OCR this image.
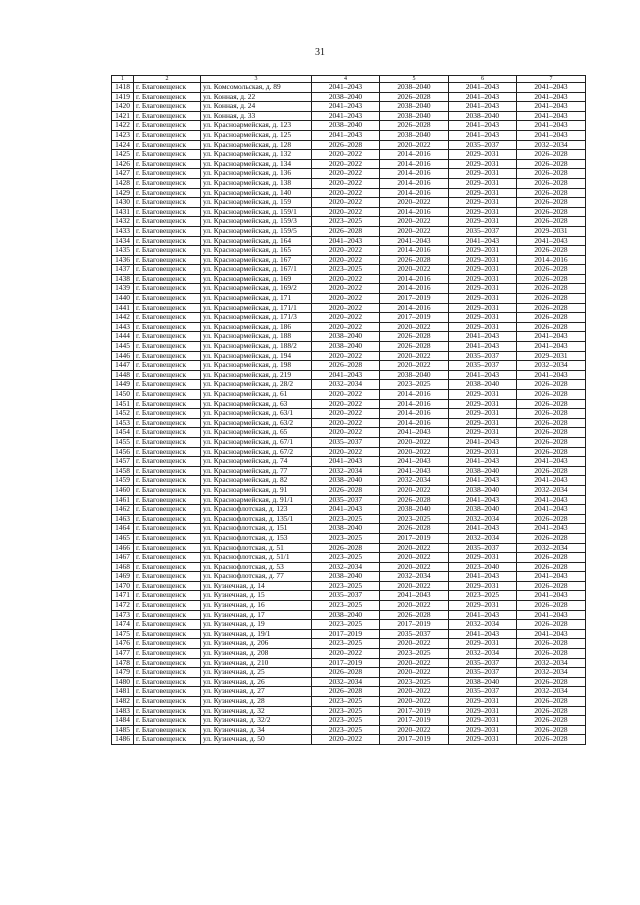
31
1	2	3	4	5	6	7
1418	г. Благовещенск	ул. Комсомольская, д. 89	2041–2043	2038–2040	2041–2043	2041–2043
1419	г. Благовещенск	ул. Конная, д. 22	2038–2040	2026–2028	2041–2043	2041–2043
1420	г. Благовещенск	ул. Конная, д. 24	2041–2043	2038–2040	2041–2043	2041–2043
1421	г. Благовещенск	ул. Конная, д. 33	2041–2043	2038–2040	2038–2040	2041–2043
1422	г. Благовещенск	ул. Красноармейская, д. 123	2038–2040	2026–2028	2041–2043	2041–2043
1423	г. Благовещенск	ул. Красноармейская, д. 125	2041–2043	2038–2040	2041–2043	2041–2043
1424	г. Благовещенск	ул. Красноармейская, д. 128	2026–2028	2020–2022	2035–2037	2032–2034
1425	г. Благовещенск	ул. Красноармейская, д. 132	2020–2022	2014–2016	2029–2031	2026–2028
1426	г. Благовещенск	ул. Красноармейская, д. 134	2020–2022	2014–2016	2029–2031	2026–2028
1427	г. Благовещенск	ул. Красноармейская, д. 136	2020–2022	2014–2016	2029–2031	2026–2028
1428	г. Благовещенск	ул. Красноармейская, д. 138	2020–2022	2014–2016	2029–2031	2026–2028
1429	г. Благовещенск	ул. Красноармейская, д. 140	2020–2022	2014–2016	2029–2031	2026–2028
1430	г. Благовещенск	ул. Красноармейская, д. 159	2020–2022	2020–2022	2029–2031	2026–2028
1431	г. Благовещенск	ул. Красноармейская, д. 159/1	2020–2022	2014–2016	2029–2031	2026–2028
1432	г. Благовещенск	ул. Красноармейская, д. 159/3	2023–2025	2020–2022	2029–2031	2026–2028
1433	г. Благовещенск	ул. Красноармейская, д. 159/5	2026–2028	2020–2022	2035–2037	2029–2031
1434	г. Благовещенск	ул. Красноармейская, д. 164	2041–2043	2041–2043	2041–2043	2041–2043
1435	г. Благовещенск	ул. Красноармейская, д. 165	2020–2022	2014–2016	2029–2031	2026–2028
1436	г. Благовещенск	ул. Красноармейская, д. 167	2020–2022	2026–2028	2029–2031	2014–2016
1437	г. Благовещенск	ул. Красноармейская, д. 167/1	2023–2025	2020–2022	2029–2031	2026–2028
1438	г. Благовещенск	ул. Красноармейская, д. 169	2020–2022	2014–2016	2029–2031	2026–2028
1439	г. Благовещенск	ул. Красноармейская, д. 169/2	2020–2022	2014–2016	2029–2031	2026–2028
1440	г. Благовещенск	ул. Красноармейская, д. 171	2020–2022	2017–2019	2029–2031	2026–2028
1441	г. Благовещенск	ул. Красноармейская, д. 171/1	2020–2022	2014–2016	2029–2031	2026–2028
1442	г. Благовещенск	ул. Красноармейская, д. 171/3	2020–2022	2017–2019	2029–2031	2026–2028
1443	г. Благовещенск	ул. Красноармейская, д. 186	2020–2022	2020–2022	2029–2031	2026–2028
1444	г. Благовещенск	ул. Красноармейская, д. 188	2038–2040	2026–2028	2041–2043	2041–2043
1445	г. Благовещенск	ул. Красноармейская, д. 188/2	2038–2040	2026–2028	2041–2043	2041–2043
1446	г. Благовещенск	ул. Красноармейская, д. 194	2020–2022	2020–2022	2035–2037	2029–2031
1447	г. Благовещенск	ул. Красноармейская, д. 198	2026–2028	2020–2022	2035–2037	2032–2034
1448	г. Благовещенск	ул. Красноармейская, д. 219	2041–2043	2038–2040	2041–2043	2041–2043
1449	г. Благовещенск	ул. Красноармейская, д. 28/2	2032–2034	2023–2025	2038–2040	2026–2028
1450	г. Благовещенск	ул. Красноармейская, д. 61	2020–2022	2014–2016	2029–2031	2026–2028
1451	г. Благовещенск	ул. Красноармейская, д. 63	2020–2022	2014–2016	2029–2031	2026–2028
1452	г. Благовещенск	ул. Красноармейская, д. 63/1	2020–2022	2014–2016	2029–2031	2026–2028
1453	г. Благовещенск	ул. Красноармейская, д. 63/2	2020–2022	2014–2016	2029–2031	2026–2028
1454	г. Благовещенск	ул. Красноармейская, д. 65	2020–2022	2041–2043	2029–2031	2026–2028
1455	г. Благовещенск	ул. Красноармейская, д. 67/1	2035–2037	2020–2022	2041–2043	2026–2028
1456	г. Благовещенск	ул. Красноармейская, д. 67/2	2020–2022	2020–2022	2029–2031	2026–2028
1457	г. Благовещенск	ул. Красноармейская, д. 74	2041–2043	2041–2043	2041–2043	2041–2043
1458	г. Благовещенск	ул. Красноармейская, д. 77	2032–2034	2041–2043	2038–2040	2026–2028
1459	г. Благовещенск	ул. Красноармейская, д. 82	2038–2040	2032–2034	2041–2043	2041–2043
1460	г. Благовещенск	ул. Красноармейская, д. 91	2026–2028	2020–2022	2038–2040	2032–2034
1461	г. Благовещенск	ул. Красноармейская, д. 91/1	2035–2037	2026–2028	2041–2043	2041–2043
1462	г. Благовещенск	ул. Краснофлотская, д. 123	2041–2043	2038–2040	2038–2040	2041–2043
1463	г. Благовещенск	ул. Краснофлотская, д. 135/1	2023–2025	2023–2025	2032–2034	2026–2028
1464	г. Благовещенск	ул. Краснофлотская, д. 151	2038–2040	2026–2028	2041–2043	2041–2043
1465	г. Благовещенск	ул. Краснофлотская, д. 153	2023–2025	2017–2019	2032–2034	2026–2028
1466	г. Благовещенск	ул. Краснофлотская, д. 51	2026–2028	2020–2022	2035–2037	2032–2034
1467	г. Благовещенск	ул. Краснофлотская, д. 51/1	2023–2025	2020–2022	2029–2031	2026–2028
1468	г. Благовещенск	ул. Краснофлотская, д. 53	2032–2034	2020–2022	2023–2040	2026–2028
1469	г. Благовещенск	ул. Краснофлотская, д. 77	2038–2040	2032–2034	2041–2043	2041–2043
1470	г. Благовещенск	ул. Кузнечная, д. 14	2023–2025	2020–2022	2029–2031	2026–2028
1471	г. Благовещенск	ул. Кузнечная, д. 15	2035–2037	2041–2043	2023–2025	2041–2043
1472	г. Благовещенск	ул. Кузнечная, д. 16	2023–2025	2020–2022	2029–2031	2026–2028
1473	г. Благовещенск	ул. Кузнечная, д. 17	2038–2040	2026–2028	2041–2043	2041–2043
1474	г. Благовещенск	ул. Кузнечная, д. 19	2023–2025	2017–2019	2032–2034	2026–2028
1475	г. Благовещенск	ул. Кузнечная, д. 19/1	2017–2019	2035–2037	2041–2043	2041–2043
1476	г. Благовещенск	ул. Кузнечная, д. 206	2023–2025	2020–2022	2029–2031	2026–2028
1477	г. Благовещенск	ул. Кузнечная, д. 208	2020–2022	2023–2025	2032–2034	2026–2028
1478	г. Благовещенск	ул. Кузнечная, д. 210	2017–2019	2020–2022	2035–2037	2032–2034
1479	г. Благовещенск	ул. Кузнечная, д. 25	2026–2028	2020–2022	2035–2037	2032–2034
1480	г. Благовещенск	ул. Кузнечная, д. 26	2032–2034	2023–2025	2038–2040	2026–2028
1481	г. Благовещенск	ул. Кузнечная, д. 27	2026–2028	2020–2022	2035–2037	2032–2034
1482	г. Благовещенск	ул. Кузнечная, д. 28	2023–2025	2020–2022	2029–2031	2026–2028
1483	г. Благовещенск	ул. Кузнечная, д. 32	2023–2025	2017–2019	2029–2031	2026–2028
1484	г. Благовещенск	ул. Кузнечная, д. 32/2	2023–2025	2017–2019	2029–2031	2026–2028
1485	г. Благовещенск	ул. Кузнечная, д. 34	2023–2025	2020–2022	2029–2031	2026–2028
1486	г. Благовещенск	ул. Кузнечная, д. 50	2020–2022	2017–2019	2029–2031	2026–2028
